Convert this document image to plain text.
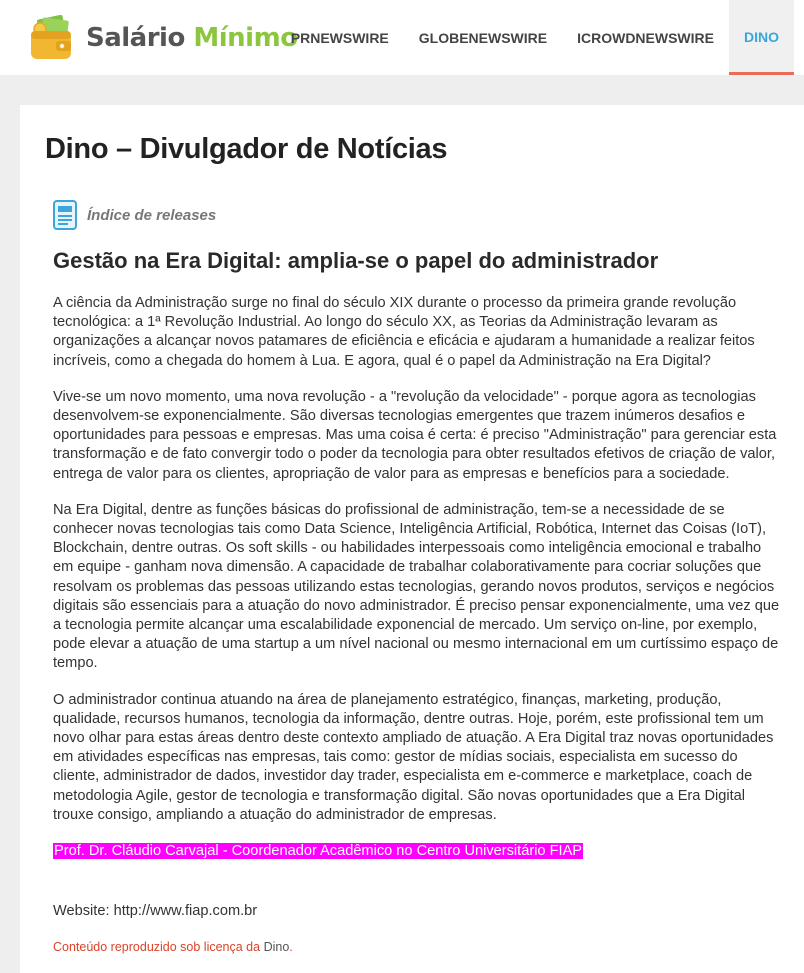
Salário Mínimo
PRNEWSWIRE	GLOBENEWSWIRE	ICROWDNEWSWIRE	DINO
Dino – Divulgador de Notícias
Índice de releases
Gestão na Era Digital: amplia-se o papel do administrador

A ciência da Administração surge no final do século XIX durante o processo da primeira grande revolução tecnológica: a 1ª Revolução Industrial. Ao longo do século XX, as Teorias da Administração levaram as organizações a alcançar novos patamares de eficiência e eficácia e ajudaram a humanidade a realizar feitos incríveis, como a chegada do homem à Lua. E agora, qual é o papel da Administração na Era Digital?

Vive-se um novo momento, uma nova revolução - a "revolução da velocidade" - porque agora as tecnologias desenvolvem-se exponencialmente. São diversas tecnologias emergentes que trazem inúmeros desafios e oportunidades para pessoas e empresas. Mas uma coisa é certa: é preciso "Administração" para gerenciar esta transformação e de fato convergir todo o poder da tecnologia para obter resultados efetivos de criação de valor, entrega de valor para os clientes, apropriação de valor para as empresas e benefícios para a sociedade.

Na Era Digital, dentre as funções básicas do profissional de administração, tem-se a necessidade de se conhecer novas tecnologias tais como Data Science, Inteligência Artificial, Robótica, Internet das Coisas (IoT), Blockchain, dentre outras. Os soft skills - ou habilidades interpessoais como inteligência emocional e trabalho em equipe - ganham nova dimensão. A capacidade de trabalhar colaborativamente para cocriar soluções que resolvam os problemas das pessoas utilizando estas tecnologias, gerando novos produtos, serviços e negócios digitais são essenciais para a atuação do novo administrador. É preciso pensar exponencialmente, uma vez que a tecnologia permite alcançar uma escalabilidade exponencial de mercado. Um serviço on-line, por exemplo, pode elevar a atuação de uma startup a um nível nacional ou mesmo internacional em um curtíssimo espaço de tempo.

O administrador continua atuando na área de planejamento estratégico, finanças, marketing, produção, qualidade, recursos humanos, tecnologia da informação, dentre outras. Hoje, porém, este profissional tem um novo olhar para estas áreas dentro deste contexto ampliado de atuação. A Era Digital traz novas oportunidades em atividades específicas nas empresas, tais como: gestor de mídias sociais, especialista em sucesso do cliente, administrador de dados, investidor day trader, especialista em e-commerce e marketplace, coach de metodologia Agile, gestor de tecnologia e transformação digital. São novas oportunidades que a Era Digital trouxe consigo, ampliando a atuação do administrador de empresas.

Prof. Dr. Cláudio Carvajal - Coordenador Acadêmico no Centro Universitário FIAP

Website: http://www.fiap.com.br
Conteúdo reproduzido sob licença da Dino.
